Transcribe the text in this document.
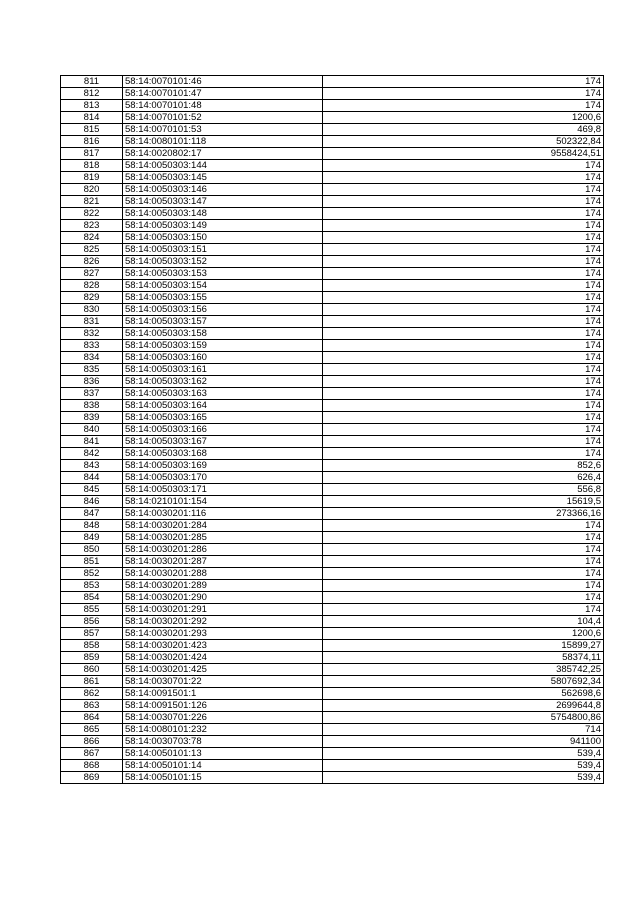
811	58:14:0070101:46	174
812	58:14:0070101:47	174
813	58:14:0070101:48	174
814	58:14:0070101:52	1200,6
815	58:14:0070101:53	469,8
816	58:14:0080101:118	502322,84
817	58:14:0020802:17	9558424,51
818	58:14:0050303:144	174
819	58:14:0050303:145	174
820	58:14:0050303:146	174
821	58:14:0050303:147	174
822	58:14:0050303:148	174
823	58:14:0050303:149	174
824	58:14:0050303:150	174
825	58:14:0050303:151	174
826	58:14:0050303:152	174
827	58:14:0050303:153	174
828	58:14:0050303:154	174
829	58:14:0050303:155	174
830	58:14:0050303:156	174
831	58:14:0050303:157	174
832	58:14:0050303:158	174
833	58:14:0050303:159	174
834	58:14:0050303:160	174
835	58:14:0050303:161	174
836	58:14:0050303:162	174
837	58:14:0050303:163	174
838	58:14:0050303:164	174
839	58:14:0050303:165	174
840	58:14:0050303:166	174
841	58:14:0050303:167	174
842	58:14:0050303:168	174
843	58:14:0050303:169	852,6
844	58:14:0050303:170	626,4
845	58:14:0050303:171	556,8
846	58:14:0210101:154	15619,5
847	58:14:0030201:116	273366,16
848	58:14:0030201:284	174
849	58:14:0030201:285	174
850	58:14:0030201:286	174
851	58:14:0030201:287	174
852	58:14:0030201:288	174
853	58:14:0030201:289	174
854	58:14:0030201:290	174
855	58:14:0030201:291	174
856	58:14:0030201:292	104,4
857	58:14:0030201:293	1200,6
858	58:14:0030201:423	15899,27
859	58:14:0030201:424	58374,11
860	58:14:0030201:425	385742,25
861	58:14:0030701:22	5807692,34
862	58:14:0091501:1	562698,6
863	58:14:0091501:126	2699644,8
864	58:14:0030701:226	5754800,86
865	58:14:0080101:232	714
866	58:14:0030703:78	941100
867	58:14:0050101:13	539,4
868	58:14:0050101:14	539,4
869	58:14:0050101:15	539,4
